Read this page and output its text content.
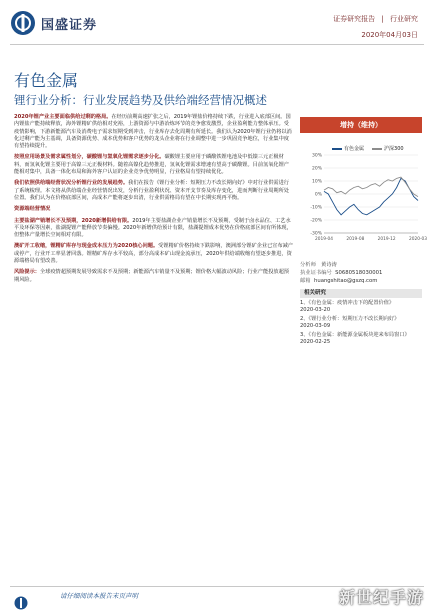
国盛证券	证券研究报告 | 行业研究
2020年04月03日
有色金属
锂行业分析：行业发展趋势及供给端经营情况概述

2020年锂产业主要面临供给过剩的格局。在经历前期高速扩张之后，2019年锂盐价格持续下跌，行业进入底部区间。国内锂盐产能持续释放，海外锂精矿供给相对充裕，上游资源与中游冶炼环节的竞争愈发激烈，企业盈利能力整体承压。受疫情影响，下游新能源汽车及消费电子需求短期受到冲击，行业库存去化周期有所延长。我们认为2020年锂行业仍将以消化过剩产能为主基调，具备资源优势、成本优势和客户优势的龙头企业将在行业调整中进一步巩固竞争地位，行业集中度有望持续提升。

按照应用场景及需求属性划分，碳酸锂与氢氧化锂需求逐步分化。碳酸锂主要应用于磷酸铁锂电池及中低镍三元正极材料，而氢氧化锂主要用于高镍三元正极材料。随着高镍化趋势推进，氢氧化锂需求增速有望高于碳酸锂。目前氢氧化锂产能相对集中，具备一体化布局和海外客户认证的企业竞争优势明显，行业格局有望持续优化。

我们依照供给端经营状况分析锂行业的发展趋势。我们在报告《锂行业分析：短期压力不改长期向好》中对行业供需进行了系统梳理。本文将从供给端企业经营情况出发，分析行业盈利状况、资本开支节奏及库存变化，进而判断行业周期所处位置。我们认为在价格底部区间，高成本产能将逐步出清，行业供需格局有望在中长期实现再平衡。

资源端经营情况

主要盐湖产销增长不及预期，2020新增供给有限。2019年主要盐湖企业产销量增长不及预期，受制于卤水品位、工艺水平及环保等因素，盐湖提锂产能释放节奏偏慢。2020年新增供给预计有限，盐湖提锂成本优势在价格底部区间有所体现，但整体产量增长空间相对有限。

澳矿开工收缩，锂精矿库存与现金成本压力为2020核心问题。受锂精矿价格持续下跌影响，澳洲部分锂矿企业已宣布减产或停产，行业开工率显著回落。锂精矿库存水平较高，部分高成本矿山现金流承压，2020年供给端收缩有望逐步推进，资源端格局有望改善。

风险提示：全球疫情超预期发展导致需求不及预期；新能源汽车销量不及预期；锂价格大幅波动风险；行业产能投放超预期风险。

增持（维持）
有色金属	沪深300
30%
20%
10%
0%
-10%
-20%
-30%
2019-04	2019-08	2019-12	2020-03
分析师 黄诗涛
执业证书编号 S0680518030001
邮箱 huangshitao@gszq.com
相关研究
1、《有色金属：疫情冲击下的配置价值》
2020-03-20
2、《锂行业分析：短期压力不改长期向好》
2020-03-09
3、《有色金属：新能源金属板块迎来布局窗口》
2020-02-25
请仔细阅读本报告末页声明	新世纪手游
